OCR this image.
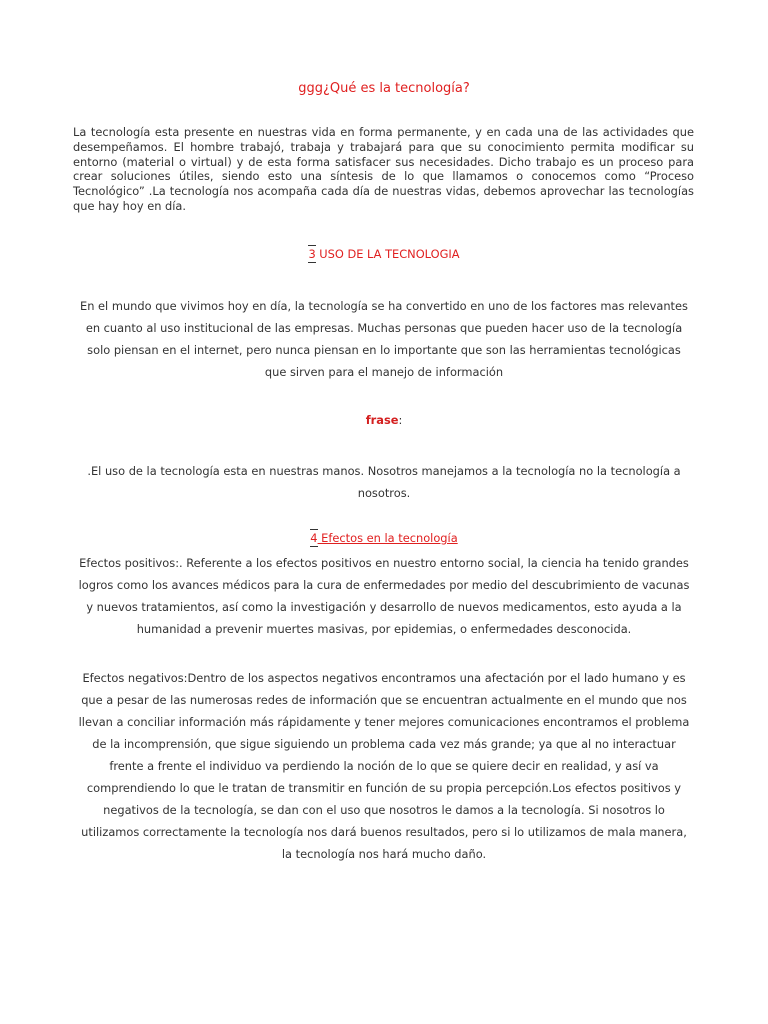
ggg¿Qué es la tecnología?
La tecnología esta presente en nuestras vida en forma permanente, y en cada una de las actividades que desempeñamos. El hombre trabajó, trabaja y trabajará para que su conocimiento permita modificar su entorno (material o virtual) y de esta forma satisfacer sus necesidades. Dicho trabajo es un proceso para crear soluciones útiles, siendo esto una síntesis de lo que llamamos o conocemos como “Proceso Tecnológico” .La tecnología nos acompaña cada día de nuestras vidas, debemos aprovechar las tecnologías que hay hoy en día.
3 USO DE LA TECNOLOGIA
En el mundo que vivimos hoy en día, la tecnología se ha convertido en uno de los factores mas relevantes en cuanto al uso institucional de las empresas. Muchas personas que pueden hacer uso de la tecnología solo piensan en el internet, pero nunca piensan en lo importante que son las herramientas tecnológicas que sirven para el manejo de información
frase:
.El uso de la tecnología esta en nuestras manos. Nosotros manejamos a la tecnología no la tecnología a nosotros.
4 Efectos en la tecnología
Efectos positivos:. Referente a los efectos positivos en nuestro entorno social, la ciencia ha tenido grandes logros como los avances médicos para la cura de enfermedades por medio del descubrimiento de vacunas y nuevos tratamientos, así como la investigación y desarrollo de nuevos medicamentos, esto ayuda a la humanidad a prevenir muertes masivas, por epidemias, o enfermedades desconocida.
Efectos negativos:Dentro de los aspectos negativos encontramos una afectación por el lado humano y es que a pesar de las numerosas redes de información que se encuentran actualmente en el mundo que nos llevan a conciliar información más rápidamente y tener mejores comunicaciones encontramos el problema de la incomprensión, que sigue siguiendo un problema cada vez más grande; ya que al no interactuar frente a frente el individuo va perdiendo la noción de lo que se quiere decir en realidad, y así va comprendiendo lo que le tratan de transmitir en función de su propia percepción.Los efectos positivos y negativos de la tecnología, se dan con el uso que nosotros le damos a la tecnología. Si nosotros lo utilizamos correctamente la tecnología nos dará buenos resultados, pero si lo utilizamos de mala manera, la tecnología nos hará mucho daño.
